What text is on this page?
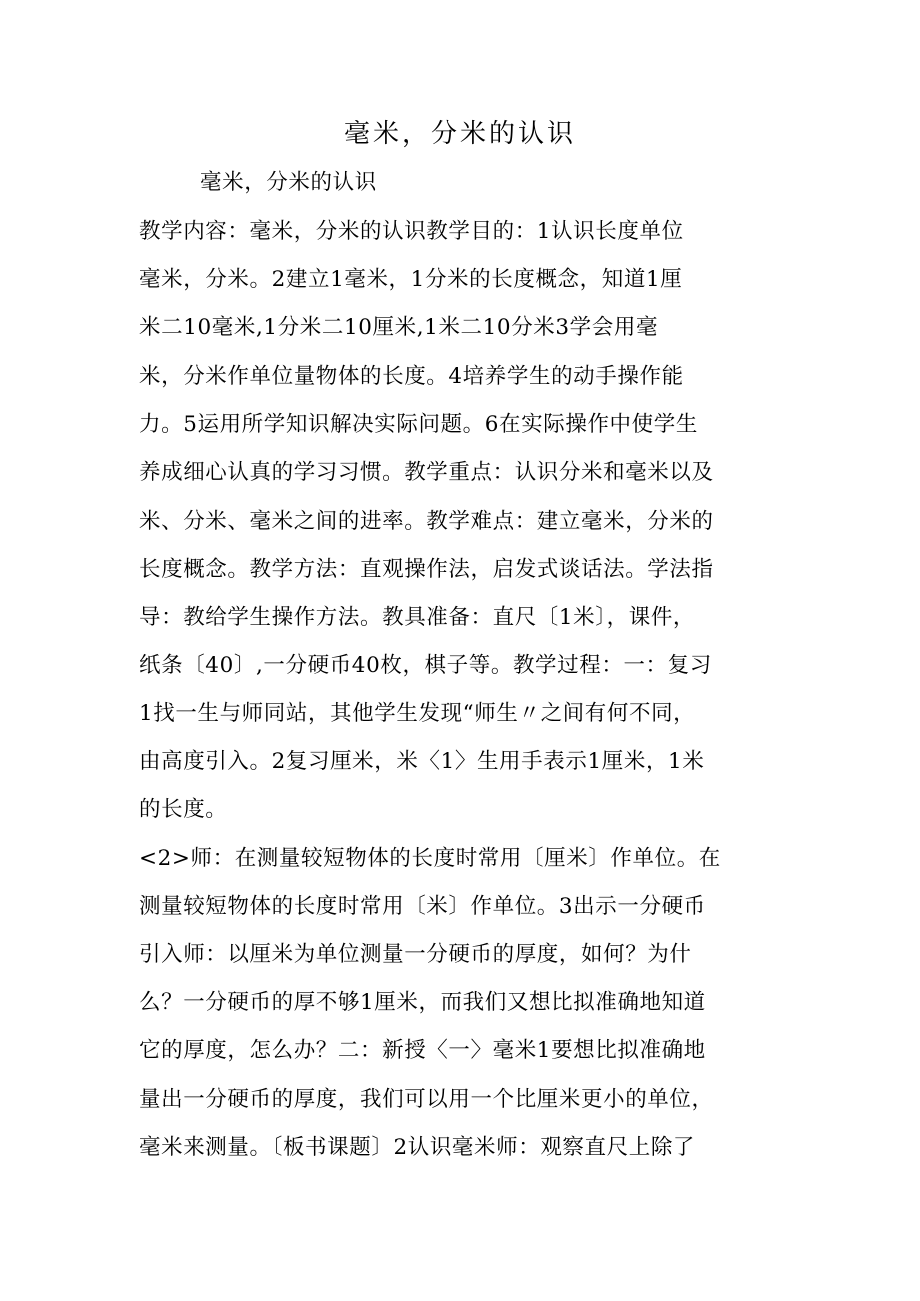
毫米，分米的认识
毫米，分米的认识
教学内容：毫米，分米的认识教学目的：1认识长度单位
毫米，分米。2建立1毫米，1分米的长度概念，知道1厘
米二10毫米,1分米二10厘米,1米二10分米3学会用毫
米，分米作单位量物体的长度。4培养学生的动手操作能
力。5运用所学知识解决实际问题。6在实际操作中使学生
养成细心认真的学习习惯。教学重点：认识分米和毫米以及
米、分米、毫米之间的进率。教学难点：建立毫米，分米的
长度概念。教学方法：直观操作法，启发式谈话法。学法指
导：教给学生操作方法。教具准备：直尺〔1米〕，课件，
纸条〔40〕,一分硬币40枚，棋子等。教学过程：一：复习
1找一生与师同站，其他学生发现“师生〃之间有何不同，
由高度引入。2复习厘米，米〈1〉生用手表示1厘米，1米
的长度。
<2>师：在测量较短物体的长度时常用〔厘米〕作单位。在
测量较短物体的长度时常用〔米〕作单位。3出示一分硬币
引入师：以厘米为单位测量一分硬币的厚度，如何？为什
么？一分硬币的厚不够1厘米，而我们又想比拟准确地知道
它的厚度，怎么办？二：新授〈一〉毫米1要想比拟准确地
量出一分硬币的厚度，我们可以用一个比厘米更小的单位，
毫米来测量。〔板书课题〕2认识毫米师：观察直尺上除了
